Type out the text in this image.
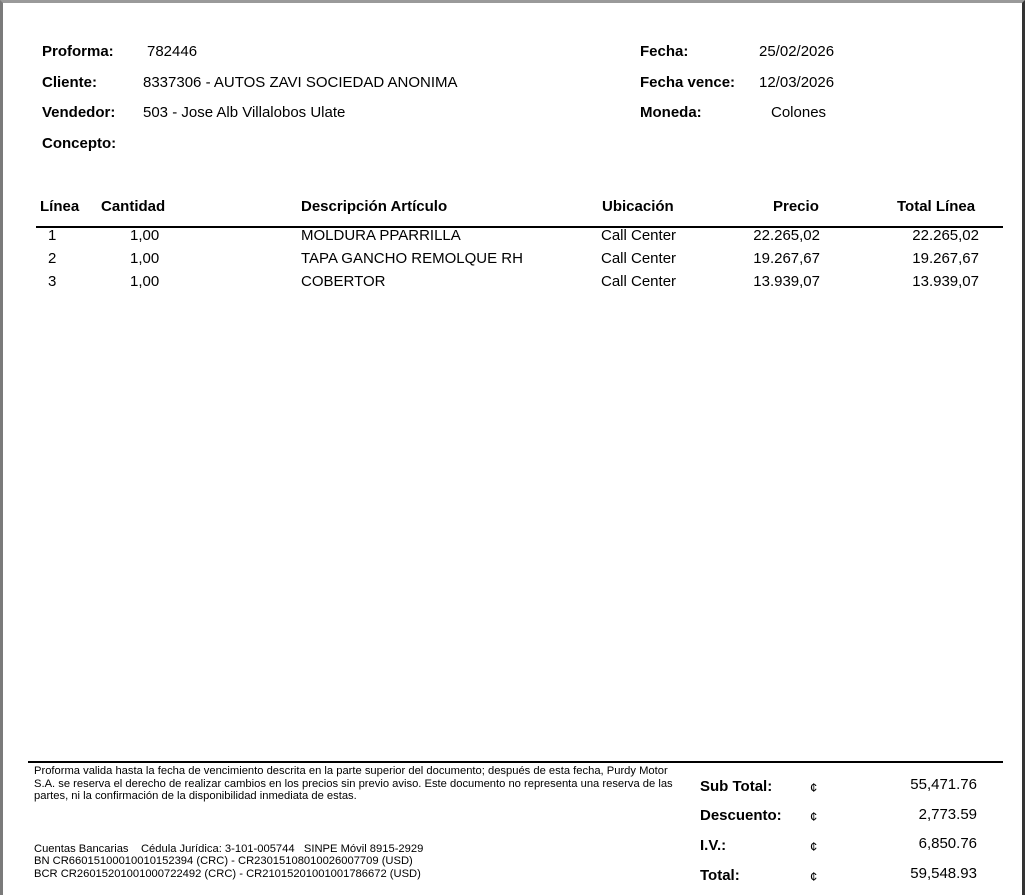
Proforma: 782446
Cliente:	8337306 - AUTOS ZAVI SOCIEDAD ANONIMA
Vendedor: 503 - Jose Alb Villalobos Ulate
Concepto:
Fecha:	25/02/2026
Fecha vence: 12/03/2026
Moneda:	Colones
Línea Cantidad	Descripción Artículo	Ubicación	Precio	Total Línea
1	1,00	MOLDURA PPARRILLA	Call Center	22.265,02	22.265,02
2	1,00	TAPA GANCHO REMOLQUE RH	Call Center	19.267,67	19.267,67
3	1,00	COBERTOR	Call Center	13.939,07	13.939,07
Proforma valida hasta la fecha de vencimiento descrita en la parte superior del documento; después de esta fecha, Purdy Motor S.A. se reserva el derecho de realizar cambios en los precios sin previo aviso. Este documento no representa una reserva de las partes, ni la confirmación de la disponibilidad inmediata de estas.
Cuentas Bancarias    Cédula Jurídica: 3-101-005744   SINPE Móvil 8915-2929
BN CR66015100010010152394 (CRC) - CR23015108010026007709 (USD)
BCR CR26015201001000722492 (CRC) - CR21015201001001786672 (USD)
Sub Total:	¢	55,471.76
Descuento: ¢	2,773.59
I.V.:	¢	6,850.76
Total:	¢	59,548.93
